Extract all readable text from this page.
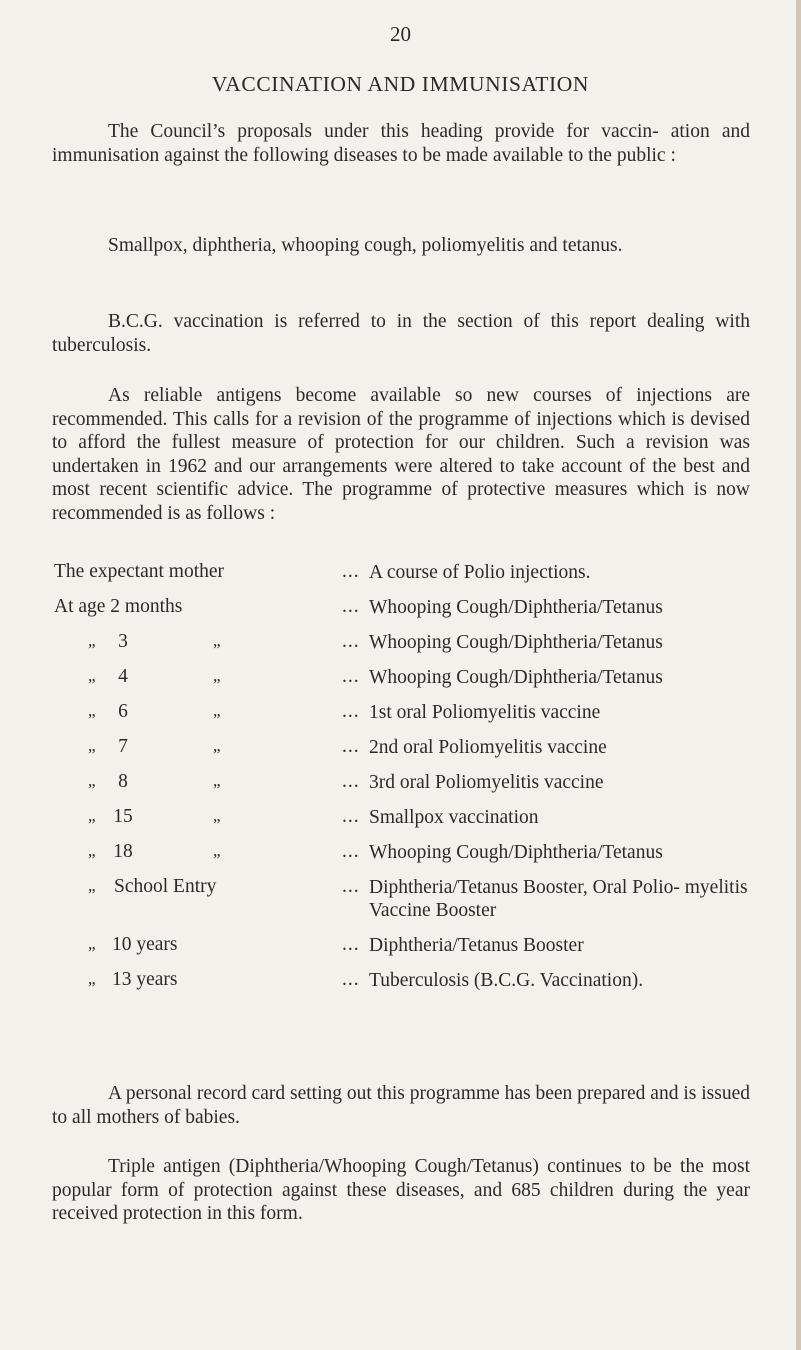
20
VACCINATION AND IMMUNISATION

The Council’s proposals under this heading provide for vaccin- ation and immunisation against the following diseases to be made available to the public :

Smallpox, diphtheria, whooping cough, poliomyelitis and tetanus.

B.C.G. vaccination is referred to in the section of this report dealing with tuberculosis.

As reliable antigens become available so new courses of injections are recommended. This calls for a revision of the programme of injections which is devised to afford the fullest measure of protection for our children. Such a revision was undertaken in 1962 and our arrangements were altered to take account of the best and most recent scientific advice. The programme of protective measures which is now recommended is as follows :

The expectant mother	... A course of Polio injections.
At age 2 months	... Whooping Cough/Diphtheria/Tetanus
„	3	„	... Whooping Cough/Diphtheria/Tetanus
„	4	„	... Whooping Cough/Diphtheria/Tetanus
„	6	„	... 1st oral Poliomyelitis vaccine
„	7	„	... 2nd oral Poliomyelitis vaccine
„	8	„	... 3rd oral Poliomyelitis vaccine
„ 15	„	... Smallpox vaccination
„ 18	„	... Whooping Cough/Diphtheria/Tetanus
„ School Entry	... Diphtheria/Tetanus Booster, Oral Polio- myelitis Vaccine Booster
„ 10 years	... Diphtheria/Tetanus Booster
„ 13 years	... Tuberculosis (B.C.G. Vaccination).

A personal record card setting out this programme has been prepared and is issued to all mothers of babies.

Triple antigen (Diphtheria/Whooping Cough/Tetanus) continues to be the most popular form of protection against these diseases, and 685 children during the year received protection in this form.
